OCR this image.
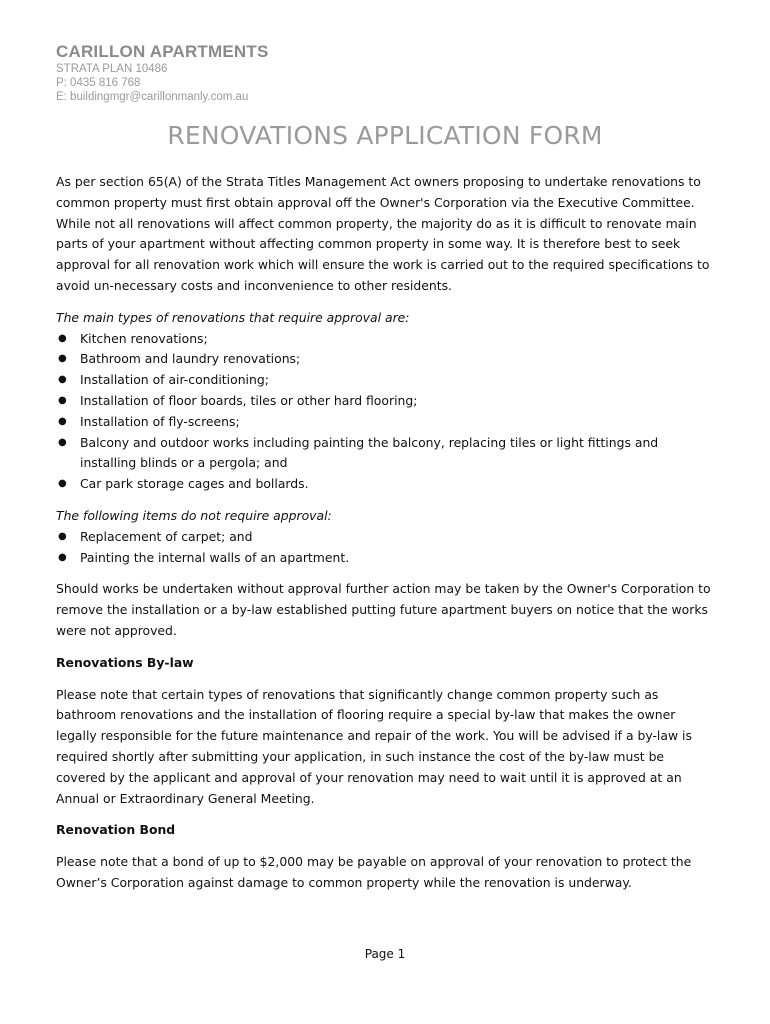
CARILLON APARTMENTS
STRATA PLAN 10486
P: 0435 816 768
E: buildingmgr@carillonmanly.com.au
RENOVATIONS APPLICATION FORM

As per section 65(A) of the Strata Titles Management Act owners proposing to undertake renovations to common property must first obtain approval off the Owner's Corporation via the Executive Committee. While not all renovations will affect common property, the majority do as it is difficult to renovate main parts of your apartment without affecting common property in some way. It is therefore best to seek approval for all renovation work which will ensure the work is carried out to the required specifications to avoid un-necessary costs and inconvenience to other residents.

The main types of renovations that require approval are:

● Kitchen renovations;
● Bathroom and laundry renovations;
● Installation of air-conditioning;
● Installation of floor boards, tiles or other hard flooring;
● Installation of fly-screens;
● Balcony and outdoor works including painting the balcony, replacing tiles or light fittings and installing blinds or a pergola; and
● Car park storage cages and bollards.

The following items do not require approval:

● Replacement of carpet; and
● Painting the internal walls of an apartment.

Should works be undertaken without approval further action may be taken by the Owner's Corporation to remove the installation or a by-law established putting future apartment buyers on notice that the works were not approved.

Renovations By-law

Please note that certain types of renovations that significantly change common property such as bathroom renovations and the installation of flooring require a special by-law that makes the owner legally responsible for the future maintenance and repair of the work. You will be advised if a by-law is required shortly after submitting your application, in such instance the cost of the by-law must be covered by the applicant and approval of your renovation may need to wait until it is approved at an Annual or Extraordinary General Meeting.

Renovation Bond

Please note that a bond of up to $2,000 may be payable on approval of your renovation to protect the Owner’s Corporation against damage to common property while the renovation is underway.

Page 1
